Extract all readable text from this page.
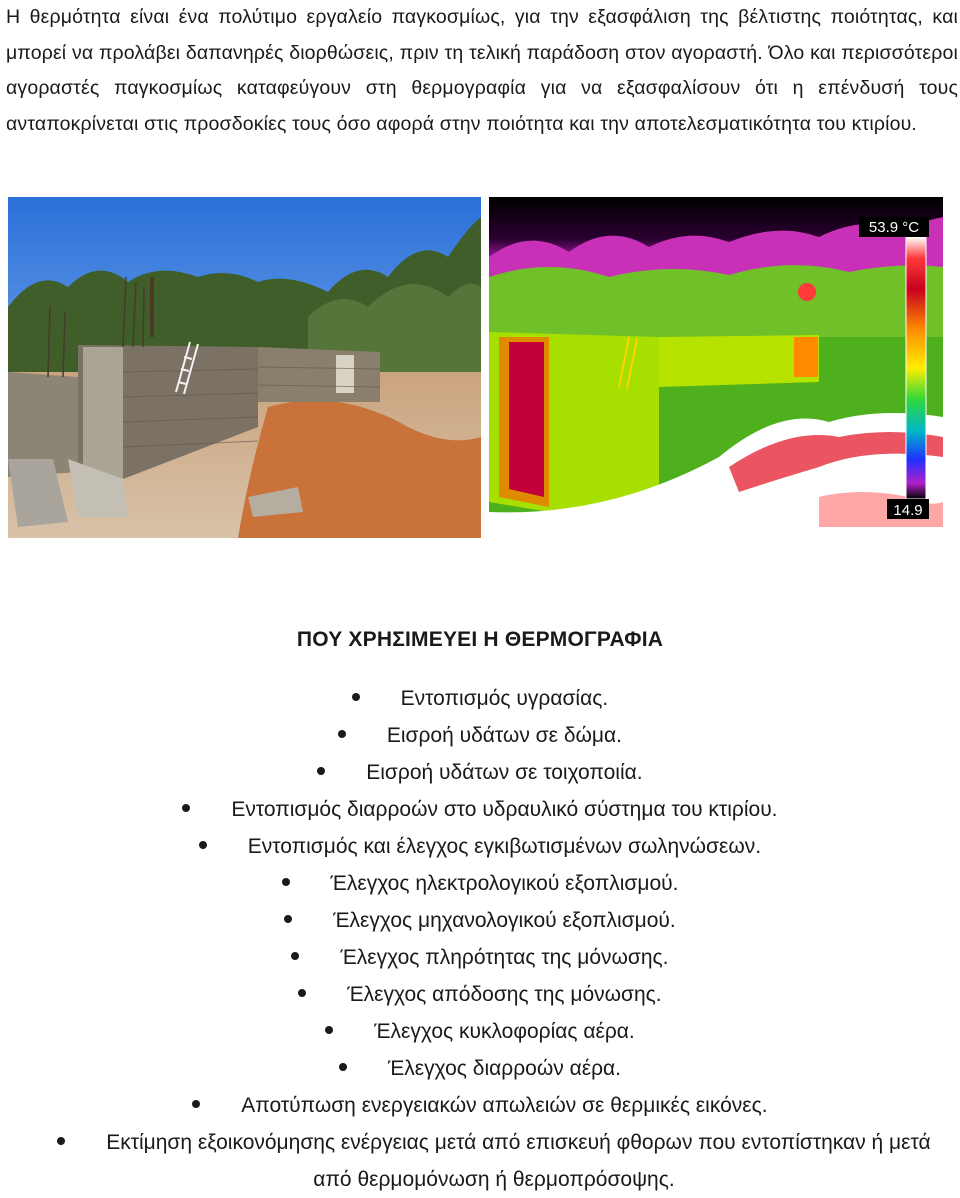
Η θερμότητα είναι ένα πολύτιμο εργαλείο παγκοσμίως, για την εξασφάλιση της βέλτιστης ποιότητας, και μπορεί να προλάβει δαπανηρές διορθώσεις, πριν τη τελική παράδοση στον αγοραστή. Όλο και περισσότεροι αγοραστές παγκοσμίως καταφεύγουν στη θερμογραφία για να εξασφαλίσουν ότι η επένδυσή τους ανταποκρίνεται στις προσδοκίες τους όσο αφορά στην ποιότητα και την αποτελεσματικότητα του κτιρίου.
53.9 °C
14.9
ΠΟΥ ΧΡΗΣΙΜΕΥΕΙ Η ΘΕΡΜΟΓΡΑΦΙΑ
Εντοπισμός υγρασίας.
Εισροή υδάτων σε δώμα.
Εισροή υδάτων σε τοιχοποιία.
Εντοπισμός διαρροών στο υδραυλικό σύστημα του κτιρίου.
Εντοπισμός και έλεγχος εγκιβωτισμένων σωληνώσεων.
Έλεγχος ηλεκτρολογικού εξοπλισμού.
Έλεγχος μηχανολογικού εξοπλισμού.
Έλεγχος πληρότητας της μόνωσης.
Έλεγχος απόδοσης της μόνωσης.
Έλεγχος κυκλοφορίας αέρα.
Έλεγχος διαρροών αέρα.
Αποτύπωση ενεργειακών απωλειών σε θερμικές εικόνες.
Εκτίμηση εξοικονόμησης ενέργειας μετά από επισκευή φθορων που εντοπίστηκαν ή μετά από θερμομόνωση ή θερμοπρόσοψης.
